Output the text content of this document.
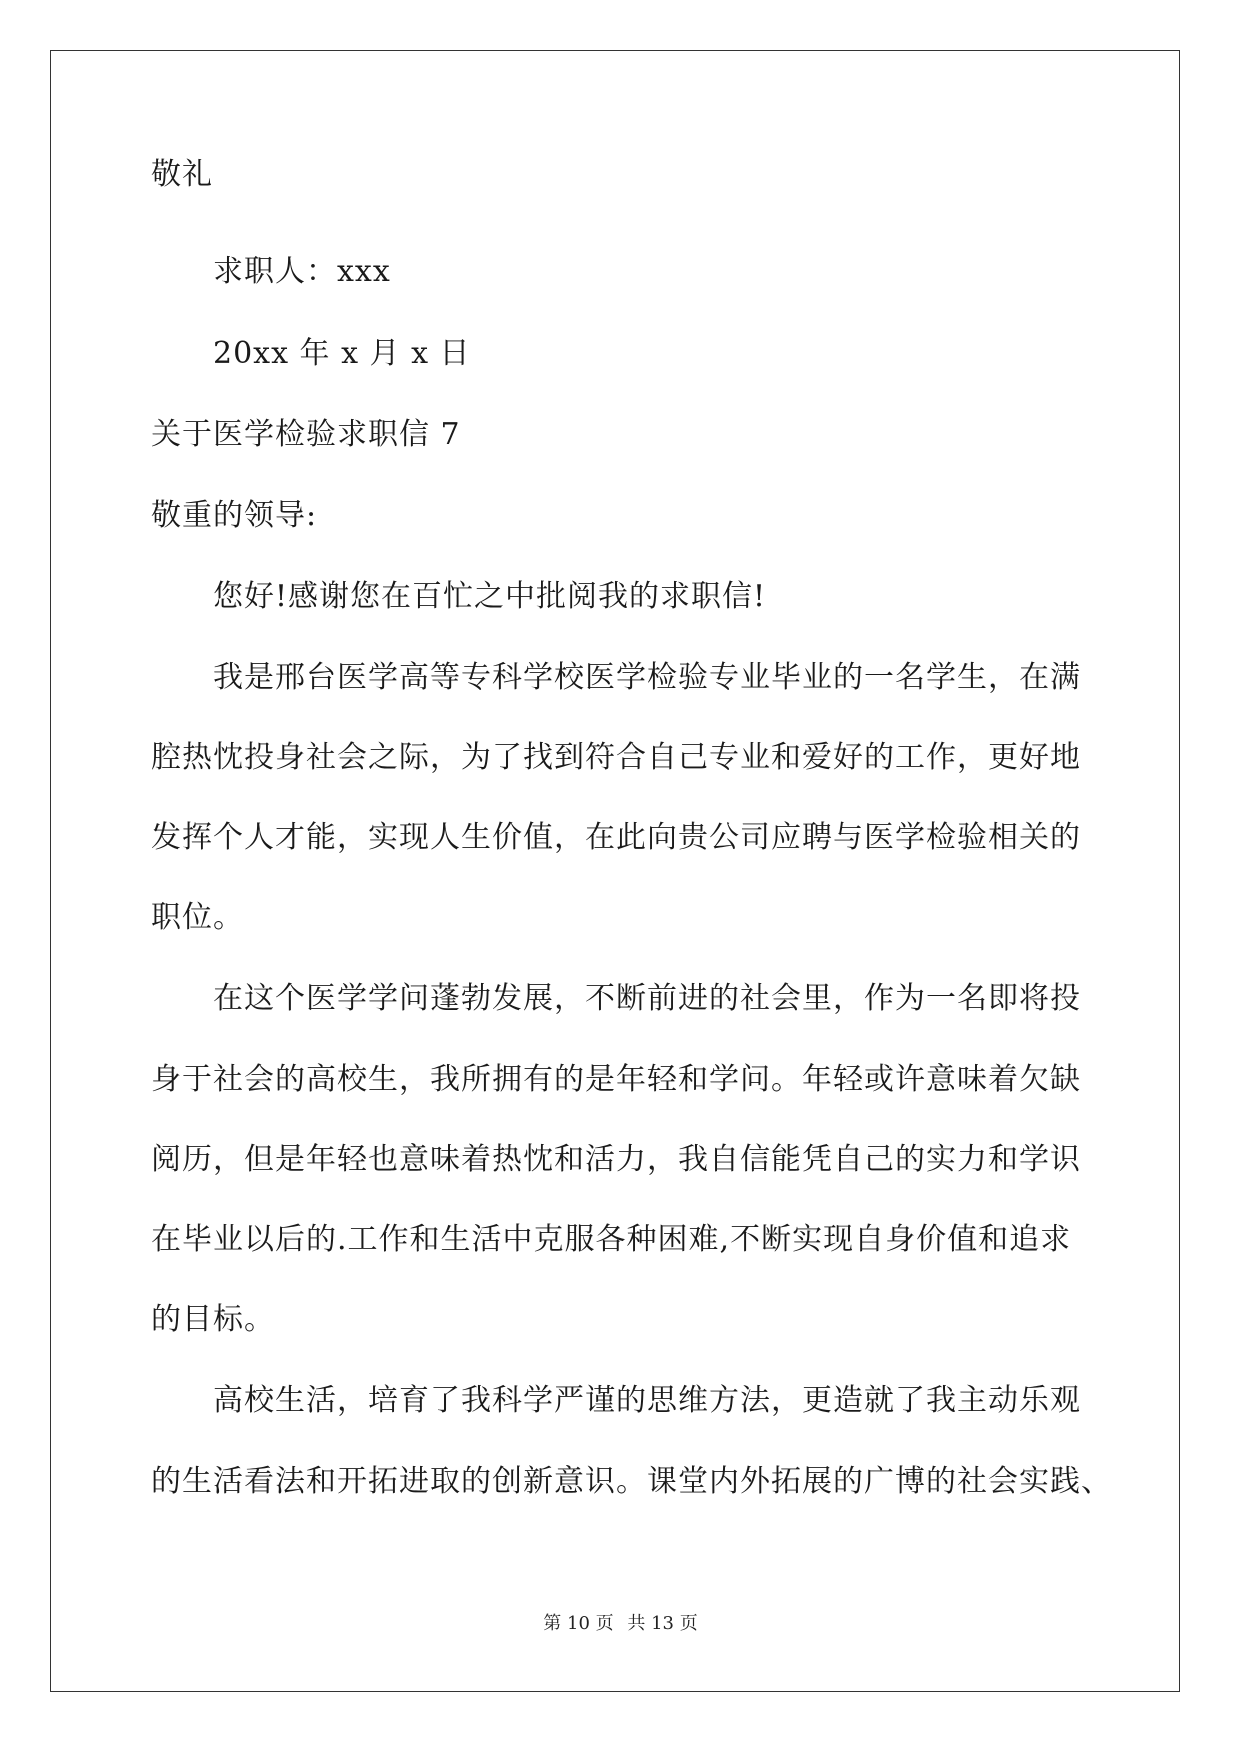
敬礼
求职人：xxx
20xx 年 x 月 x 日
关于医学检验求职信 7
敬重的领导:
您好!感谢您在百忙之中批阅我的求职信!
我是邢台医学高等专科学校医学检验专业毕业的一名学生，在满
腔热忱投身社会之际，为了找到符合自己专业和爱好的工作，更好地
发挥个人才能，实现人生价值，在此向贵公司应聘与医学检验相关的
职位。
在这个医学学问蓬勃发展，不断前进的社会里，作为一名即将投
身于社会的高校生，我所拥有的是年轻和学问。年轻或许意味着欠缺
阅历，但是年轻也意味着热忱和活力，我自信能凭自己的实力和学识
在毕业以后的.工作和生活中克服各种困难,不断实现自身价值和追求
的目标。
高校生活，培育了我科学严谨的思维方法，更造就了我主动乐观
的生活看法和开拓进取的创新意识。课堂内外拓展的广博的社会实践、
第 10 页 共 13 页
